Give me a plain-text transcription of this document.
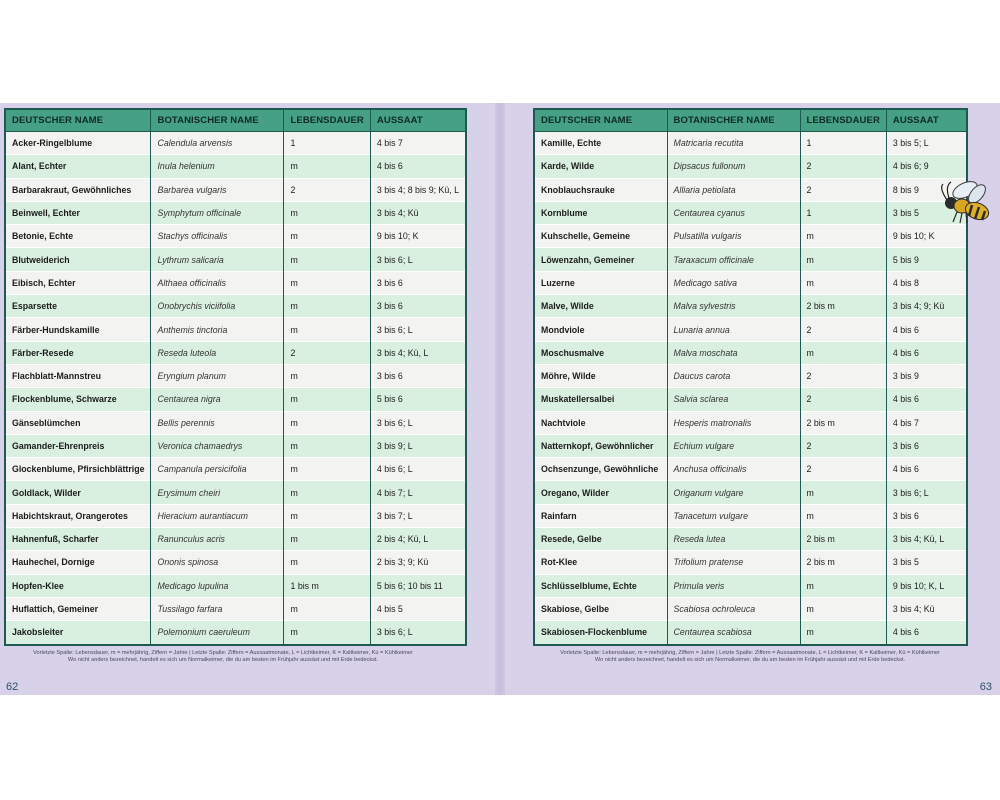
DEUTSCHER NAME	BOTANISCHER NAME	LEBENSDAUER	AUSSAAT
Acker-Ringelblume	Calendula arvensis	1	4 bis 7
Alant, Echter	Inula helenium	m	4 bis 6
Barbarakraut, Gewöhnliches	Barbarea vulgaris	2	3 bis 4; 8 bis 9; Kü, L
Beinwell, Echter	Symphytum officinale	m	3 bis 4; Kü
Betonie, Echte	Stachys officinalis	m	9 bis 10; K
Blutweiderich	Lythrum salicaria	m	3 bis 6; L
Eibisch, Echter	Althaea officinalis	m	3 bis 6
Esparsette	Onobrychis viciifolia	m	3 bis 6
Färber-Hundskamille	Anthemis tinctoria	m	3 bis 6; L
Färber-Resede	Reseda luteola	2	3 bis 4; Kü, L
Flachblatt-Mannstreu	Eryngium planum	m	3 bis 6
Flockenblume, Schwarze	Centaurea nigra	m	5 bis 6
Gänseblümchen	Bellis perennis	m	3 bis 6; L
Gamander-Ehrenpreis	Veronica chamaedrys	m	3 bis 9; L
Glockenblume, Pfirsichblättrige	Campanula persicifolia	m	4 bis 6; L
Goldlack, Wilder	Erysimum cheiri	m	4 bis 7; L
Habichtskraut, Orangerotes	Hieracium aurantiacum	m	3 bis 7; L
Hahnenfuß, Scharfer	Ranunculus acris	m	2 bis 4; Kü, L
Hauhechel, Dornige	Ononis spinosa	m	2 bis 3; 9; Kü
Hopfen-Klee	Medicago lupulina	1 bis m	5 bis 6; 10 bis 11
Huflattich, Gemeiner	Tussilago farfara	m	4 bis 5
Jakobsleiter	Polemonium caeruleum	m	3 bis 6; L
Vorletzte Spalte: Lebensdauer, m = mehrjährig, Ziffern = Jahre | Letzte Spalte: Ziffern = Aussaatmonate, L = Lichtkeimer, K = Kaltkeimer, Kü = Kühlkeimer
Wo nicht anders bezeichnet, handelt es sich um Normalkeimer, die du am besten im Frühjahr aussäst und mit Erde bedeckst.
62
DEUTSCHER NAME	BOTANISCHER NAME	LEBENSDAUER	AUSSAAT
Kamille, Echte	Matricaria recutita	1	3 bis 5; L
Karde, Wilde	Dipsacus fullonum	2	4 bis 6; 9
Knoblauchsrauke	Alliaria petiolata	2	8 bis 9
Kornblume	Centaurea cyanus	1	3 bis 5
Kuhschelle, Gemeine	Pulsatilla vulgaris	m	9 bis 10; K
Löwenzahn, Gemeiner	Taraxacum officinale	m	5 bis 9
Luzerne	Medicago sativa	m	4 bis 8
Malve, Wilde	Malva sylvestris	2 bis m	3 bis 4; 9; Kü
Mondviole	Lunaria annua	2	4 bis 6
Moschusmalve	Malva moschata	m	4 bis 6
Möhre, Wilde	Daucus carota	2	3 bis 9
Muskatellersalbei	Salvia sclarea	2	4 bis 6
Nachtviole	Hesperis matronalis	2 bis m	4 bis 7
Natternkopf, Gewöhnlicher	Echium vulgare	2	3 bis 6
Ochsenzunge, Gewöhnliche	Anchusa officinalis	2	4 bis 6
Oregano, Wilder	Origanum vulgare	m	3 bis 6; L
Rainfarn	Tanacetum vulgare	m	3 bis 6
Resede, Gelbe	Reseda lutea	2 bis m	3 bis 4; Kü, L
Rot-Klee	Trifolium pratense	2 bis m	3 bis 5
Schlüsselblume, Echte	Primula veris	m	9 bis 10; K, L
Skabiose, Gelbe	Scabiosa ochroleuca	m	3 bis 4; Kü
Skabiosen-Flockenblume	Centaurea scabiosa	m	4 bis 6
Vorletzte Spalte: Lebensdauer, m = mehrjährig, Ziffern = Jahre | Letzte Spalte: Ziffern = Aussaatmonate, L = Lichtkeimer, K = Kaltkeimer, Kü = Kühlkeimer
Wo nicht anders bezeichnet, handelt es sich um Normalkeimer, die du am besten im Frühjahr aussäst und mit Erde bedeckst.
63
